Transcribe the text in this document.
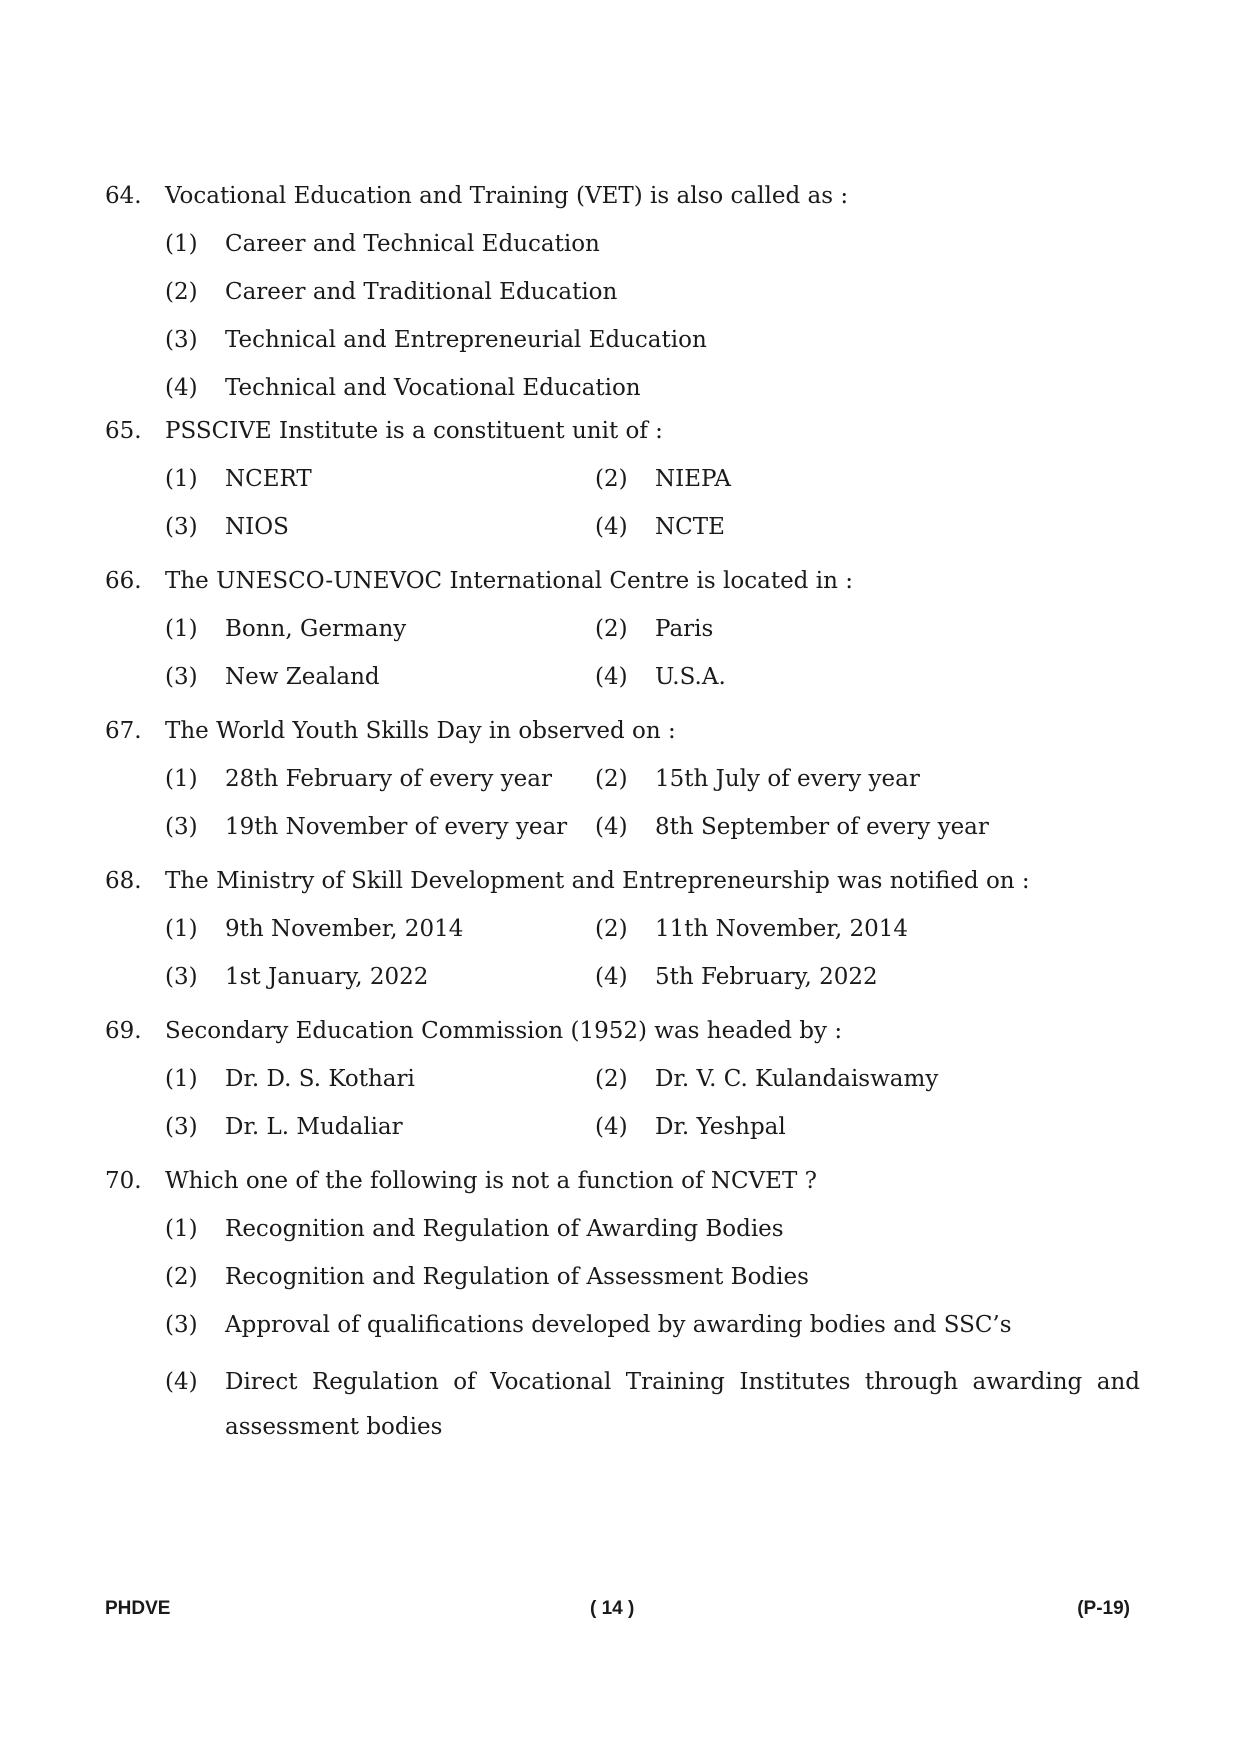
64.	Vocational Education and Training (VET) is also called as :
(1)	Career and Technical Education
(2)	Career and Traditional Education
(3)	Technical and Entrepreneurial Education
(4)	Technical and Vocational Education
65.	PSSCIVE Institute is a constituent unit of :
(1)	NCERT	(2)	NIEPA
(3)	NIOS	(4)	NCTE
66.	The UNESCO-UNEVOC International Centre is located in :
(1)	Bonn, Germany	(2)	Paris
(3)	New Zealand	(4)	U.S.A.
67.	The World Youth Skills Day in observed on :
(1)	28th February of every year	(2)	15th July of every year
(3)	19th November of every year	(4)	8th September of every year
68.	The Ministry of Skill Development and Entrepreneurship was notified on :
(1)	9th November, 2014	(2)	11th November, 2014
(3)	1st January, 2022	(4)	5th February, 2022
69.	Secondary Education Commission (1952) was headed by :
(1)	Dr. D. S. Kothari	(2)	Dr. V. C. Kulandaiswamy
(3)	Dr. L. Mudaliar	(4)	Dr. Yeshpal
70.	Which one of the following is not a function of NCVET ?
(1)	Recognition and Regulation of Awarding Bodies
(2)	Recognition and Regulation of Assessment Bodies
(3)	Approval of qualifications developed by awarding bodies and SSC’s
(4)	Direct Regulation of Vocational Training Institutes through awarding and assessment bodies
PHDVE	( 14 )	(P-19)
